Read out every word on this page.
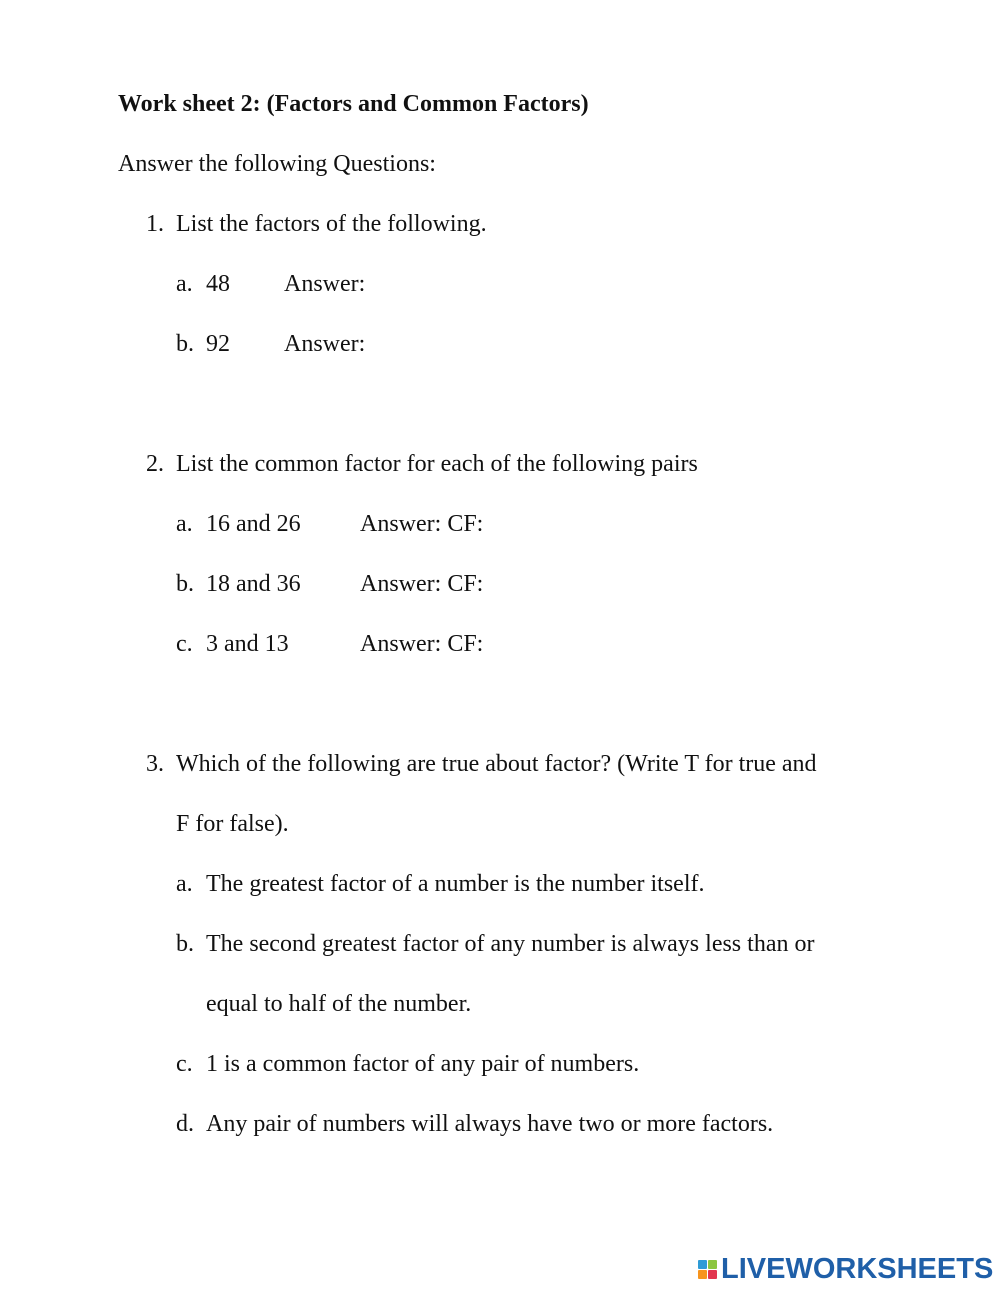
Work sheet 2: (Factors and Common Factors)
Answer the following Questions:
1. List the factors of the following.
a. 48 Answer:
b. 92 Answer:
2. List the common factor for each of the following pairs
a. 16 and 26 Answer: CF:
b. 18 and 36 Answer: CF:
c. 3 and 13	Answer: CF:
3. Which of the following are true about factor? (Write T for true and
F for false).
a. The greatest factor of a number is the number itself.
b. The second greatest factor of any number is always less than or
equal to half of the number.
c. 1 is a common factor of any pair of numbers.
d. Any pair of numbers will always have two or more factors.
LIVEWORKSHEETS
